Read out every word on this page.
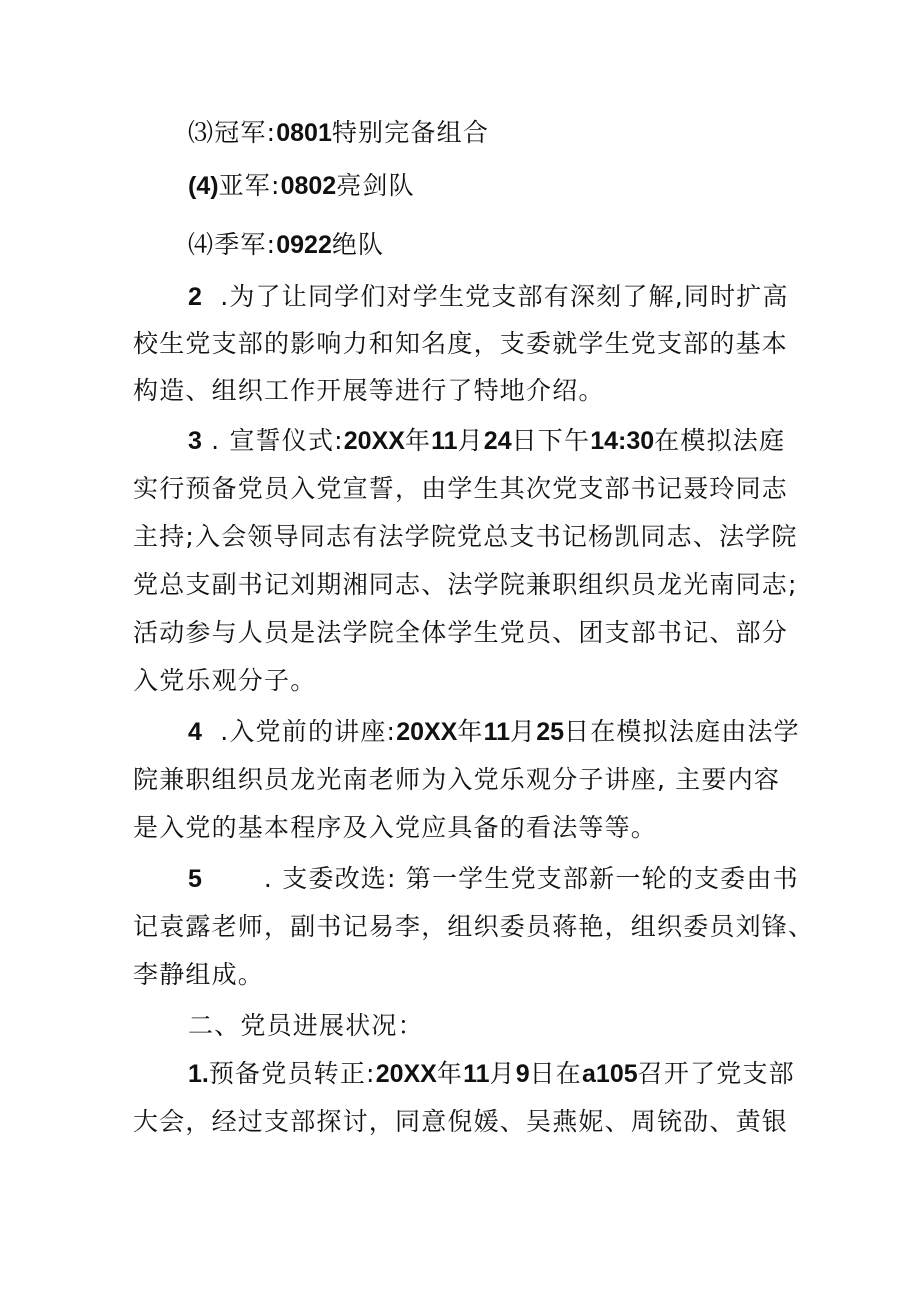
⑶冠军:0801特别完备组合
(4)亚军:0802亮剑队
⑷季军:0922绝队
2 .为了让同学们对学生党支部有深刻了解,同时扩高
校生党支部的影响力和知名度，支委就学生党支部的基本
构造、组织工作开展等进行了特地介绍。
3 . 宣誓仪式:20XX年11月24日下午14:30在模拟法庭
实行预备党员入党宣誓，由学生其次党支部书记聂玲同志
主持;入会领导同志有法学院党总支书记杨凯同志、法学院
党总支副书记刘期湘同志、法学院兼职组织员龙光南同志;
活动参与人员是法学院全体学生党员、团支部书记、部分
入党乐观分子。
4 .入党前的讲座:20XX年11月25日在模拟法庭由法学
院兼职组织员龙光南老师为入党乐观分子讲座, 主要内容
是入党的基本程序及入党应具备的看法等等。
5 . 支委改选: 第一学生党支部新一轮的支委由书
记袁露老师，副书记易李，组织委员蒋艳，组织委员刘锋、
李静组成。
二、党员进展状况：
1.预备党员转正:20XX年11月9日在a105召开了党支部
大会，经过支部探讨，同意倪媛、吴燕妮、周铳劭、黄银
